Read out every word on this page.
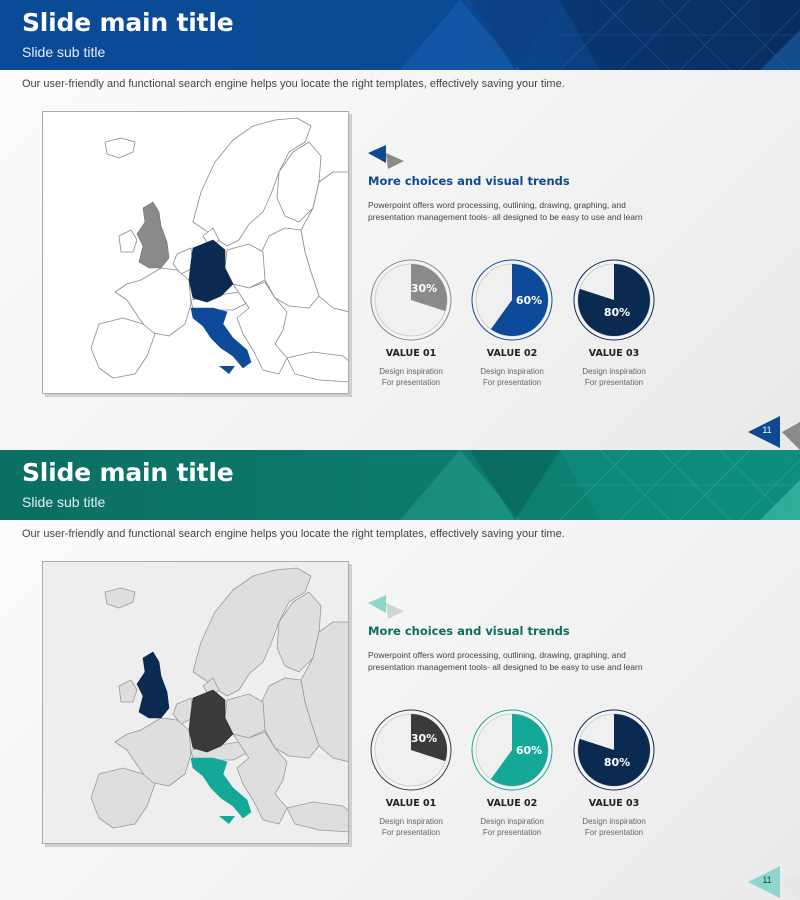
Slide main title
Slide sub title
Our user-friendly and functional search engine helps you locate the right templates, effectively saving your time.
More choices and visual trends
Powerpoint offers word processing, outlining, drawing, graphing, and presentation management tools- all designed to be easy to use and learn
30%
VALUE 01
Design inspiration
For presentation
60%
VALUE 02
Design inspiration
For presentation
80%
VALUE 03
Design inspiration
For presentation
11
Slide main title
Slide sub title
Our user-friendly and functional search engine helps you locate the right templates, effectively saving your time.
More choices and visual trends
Powerpoint offers word processing, outlining, drawing, graphing, and presentation management tools- all designed to be easy to use and learn
30%
VALUE 01
Design inspiration
For presentation
60%
VALUE 02
Design inspiration
For presentation
80%
VALUE 03
Design inspiration
For presentation
11
